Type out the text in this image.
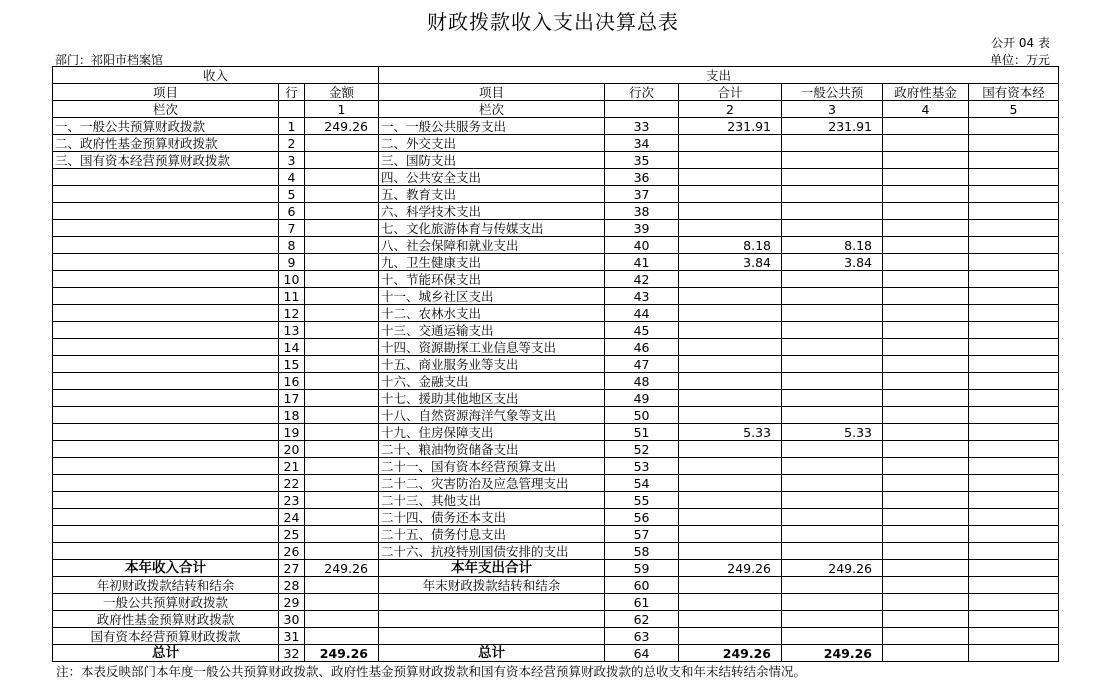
财政拨款收入支出决算总表
公开 04 表
部门：祁阳市档案馆	单位：万元
收入			支出					
项目	行	金额	项目	行次	合计	一般公共预	政府性基金	国有资本经
栏次		1	栏次		2	3	4	5
一、一般公共预算财政拨款	1	249.26	一、一般公共服务支出	33	231.91	231.91		
二、政府性基金预算财政拨款	2		二、外交支出	34				
三、国有资本经营预算财政拨款	3		三、国防支出	35				
	4		四、公共安全支出	36				
	5		五、教育支出	37				
	6		六、科学技术支出	38				
	7		七、文化旅游体育与传媒支出	39				
	8		八、社会保障和就业支出	40	8.18	8.18		
	9		九、卫生健康支出	41	3.84	3.84		
	10		十、节能环保支出	42				
	11		十一、城乡社区支出	43				
	12		十二、农林水支出	44				
	13		十三、交通运输支出	45				
	14		十四、资源勘探工业信息等支出	46				
	15		十五、商业服务业等支出	47				
	16		十六、金融支出	48				
	17		十七、援助其他地区支出	49				
	18		十八、自然资源海洋气象等支出	50				
	19		十九、住房保障支出	51	5.33	5.33		
	20		二十、粮油物资储备支出	52				
	21		二十一、国有资本经营预算支出	53				
	22		二十二、灾害防治及应急管理支出	54				
	23		二十三、其他支出	55				
	24		二十四、债务还本支出	56				
	25		二十五、债务付息支出	57				
	26		二十六、抗疫特别国债安排的支出	58				
本年收入合计	27	249.26	本年支出合计	59	249.26	249.26		
年初财政拨款结转和结余	28		年末财政拨款结转和结余	60				
一般公共预算财政拨款	29			61				
政府性基金预算财政拨款	30			62				
国有资本经营预算财政拨款	31			63				
总计	32	249.26	总计	64	249.26	249.26		
注：本表反映部门本年度一般公共预算财政拨款、政府性基金预算财政拨款和国有资本经营预算财政拨款的总收支和年末结转结余情况。
